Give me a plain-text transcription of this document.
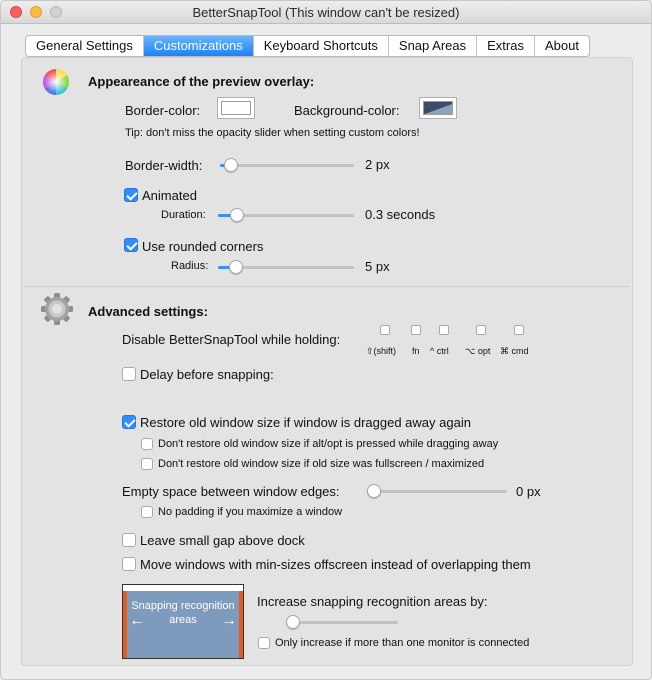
BetterSnapTool (This window can't be resized)
General Settings	Customizations	Keyboard Shortcuts	Snap Areas	Extras	About
Appeareance of the preview overlay:
Border-color:	Background-color:
Tip: don't miss the opacity slider when setting custom colors!
Border-width:	2 px
Animated
Duration:	0.3 seconds
Use rounded corners
Radius:	5 px
Advanced settings:
Disable BetterSnapTool while holding:
⇧(shift) fn ^ ctrl ⌥ opt ⌘ cmd
Delay before snapping:
Restore old window size if window is dragged away again
Don't restore old window size if alt/opt is pressed while dragging away
Don't restore old window size if old size was fullscreen / maximized
Empty space between window edges:	0 px
No padding if you maximize a window
Leave small gap above dock
Move windows with min-sizes offscreen instead of overlapping them
Snapping recognition areas
←	→
Increase snapping recognition areas by:
Only increase if more than one monitor is connected
